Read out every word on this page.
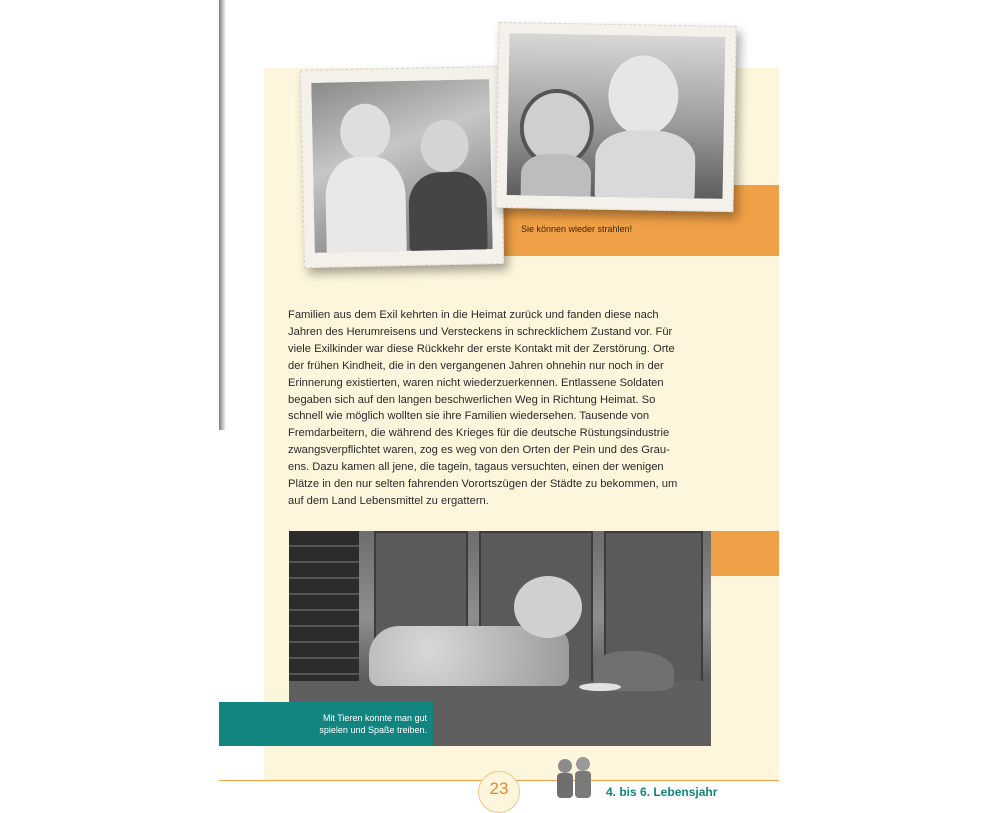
Sie können wieder strahlen!

Familien aus dem Exil kehrten in die Heimat zurück und fanden diese nach

Jahren des Herumreisens und Versteckens in schrecklichem Zustand vor. Für

viele Exilkinder war diese Rückkehr der erste Kontakt mit der Zerstörung. Orte

der frühen Kindheit, die in den vergangenen Jahren ohnehin nur noch in der

Erinnerung existierten, waren nicht wiederzuerkennen. Entlassene Soldaten

begaben sich auf den langen beschwerlichen Weg in Richtung Heimat. So

schnell wie möglich wollten sie ihre Familien wiedersehen. Tausende von

Fremdarbeitern, die während des Krieges für die deutsche Rüstungsindustrie

zwangsverpflichtet waren, zog es weg von den Orten der Pein und des Grau-

ens. Dazu kamen all jene, die tagein, tagaus versuchten, einen der wenigen

Plätze in den nur selten fahrenden Vorortszügen der Städte zu bekommen, um

auf dem Land Lebensmittel zu ergattern.

Mit Tieren konnte man gut
spielen und Spaße treiben.
23	4. bis 6. Lebensjahr
